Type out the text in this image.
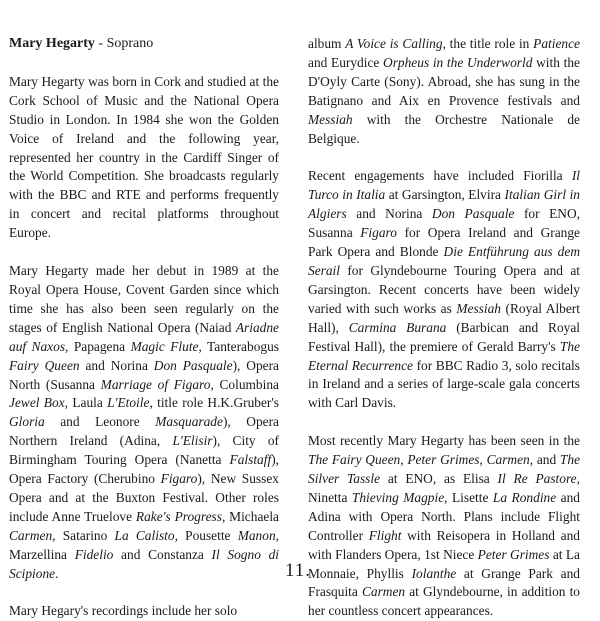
Mary Hegarty - Soprano

Mary Hegarty was born in Cork and studied at the Cork School of Music and the National Opera Studio in London. In 1984 she won the Golden Voice of Ireland and the following year, represented her country in the Cardiff Singer of the World Competition. She broadcasts regularly with the BBC and RTE and performs frequently in concert and recital platforms throughout Europe.

Mary Hegarty made her debut in 1989 at the Royal Opera House, Covent Garden since which time she has also been seen regularly on the stages of English National Opera (Naiad Ariadne auf Naxos, Papagena Magic Flute, Tanterabogus Fairy Queen and Norina Don Pasquale), Opera North (Susanna Marriage of Figaro, Columbina Jewel Box, Laula L'Etoile, title role H.K.Gruber's Gloria and Leonore Masquarade), Opera Northern Ireland (Adina, L'Elisir), City of Birmingham Touring Opera (Nanetta Falstaff), Opera Factory (Cherubino Figaro), New Sussex Opera and at the Buxton Festival. Other roles include Anne Truelove Rake's Progress, Michaela Carmen, Satarino La Calisto, Pousette Manon, Marzellina Fidelio and Constanza Il Sogno di Scipione.

Mary Hegary's recordings include her solo

album A Voice is Calling, the title role in Patience and Eurydice Orpheus in the Underworld with the D'Oyly Carte (Sony). Abroad, she has sung in the Batignano and Aix en Provence festivals and Messiah with the Orchestre Nationale de Belgique.

Recent engagements have included Fiorilla Il Turco in Italia at Garsington, Elvira Italian Girl in Algiers and Norina Don Pasquale for ENO, Susanna Figaro for Opera Ireland and Grange Park Opera and Blonde Die Entführung aus dem Serail for Glyndebourne Touring Opera and at Garsington. Recent concerts have been widely varied with such works as Messiah (Royal Albert Hall), Carmina Burana (Barbican and Royal Festival Hall), the premiere of Gerald Barry's The Eternal Recurrence for BBC Radio 3, solo recitals in Ireland and a series of large-scale gala concerts with Carl Davis.

Most recently Mary Hegarty has been seen in the The Fairy Queen, Peter Grimes, Carmen, and The Silver Tassle at ENO, as Elisa Il Re Pastore, Ninetta Thieving Magpie, Lisette La Rondine and Adina with Opera North. Plans include Flight Controller Flight with Reisopera in Holland and with Flanders Opera, 1st Niece Peter Grimes at La Monnaie, Phyllis Iolanthe at Grange Park and Frasquita Carmen at Glyndebourne, in addition to her countless concert appearances.

11.
